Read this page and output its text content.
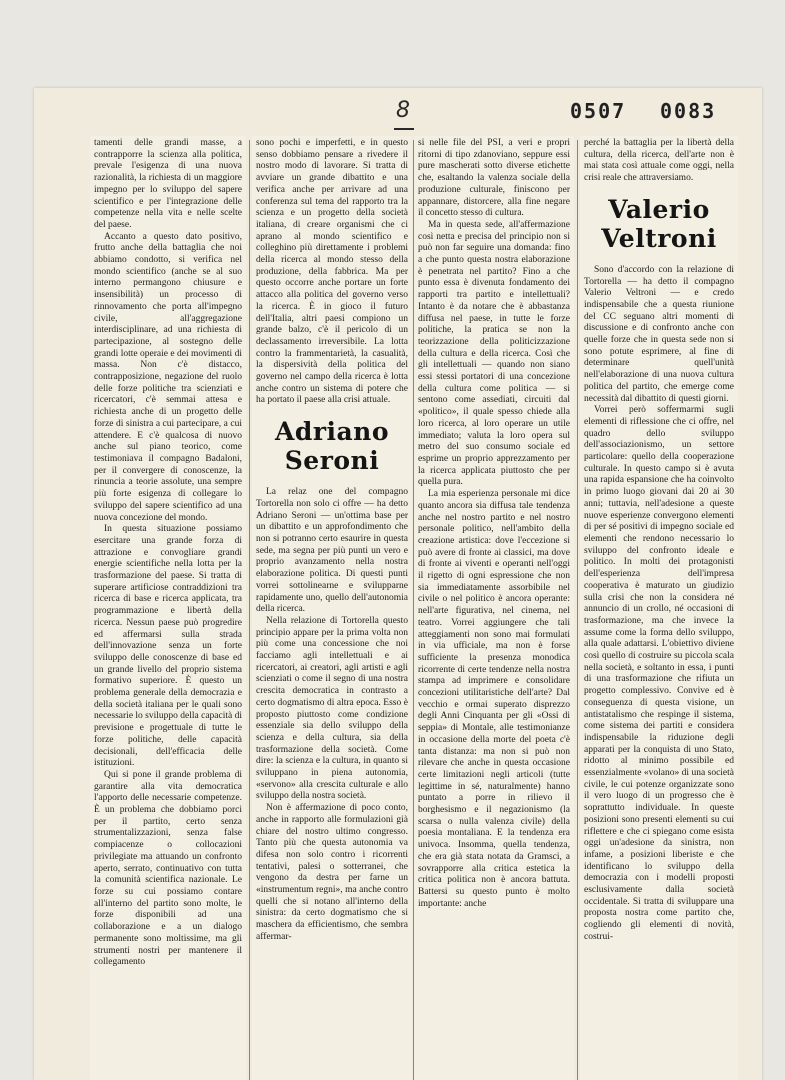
8	0507 0083

tamenti delle grandi masse, a contrapporre la scienza alla politica, prevale l'esigenza di una nuova razionalità, la richiesta di un maggiore impegno per lo sviluppo del sapere scientifico e per l'integrazione delle competenze nella vita e nelle scelte del paese.

Accanto a questo dato positivo, frutto anche della battaglia che noi abbiamo condotto, si verifica nel mondo scientifico (anche se al suo interno permangono chiusure e insensibilità) un processo di rinnovamento che porta all'impegno civile, all'aggregazione interdisciplinare, ad una richiesta di partecipazione, al sostegno delle grandi lotte operaie e dei movimenti di massa. Non c'è distacco, contrapposizione, negazione del ruolo delle forze politiche tra scienziati e ricercatori, c'è semmai attesa e richiesta anche di un progetto delle forze di sinistra a cui partecipare, a cui attendere. E c'è qualcosa di nuovo anche sul piano teorico, come testimoniava il compagno Badaloni, per il convergere di conoscenze, la rinuncia a teorie assolute, una sempre più forte esigenza di collegare lo sviluppo del sapere scientifico ad una nuova concezione del mondo.

In questa situazione possiamo esercitare una grande forza di attrazione e convogliare grandi energie scientifiche nella lotta per la trasformazione del paese. Si tratta di superare artificiose contraddizioni tra ricerca di base e ricerca applicata, tra programmazione e libertà della ricerca. Nessun paese può progredire ed affermarsi sulla strada dell'innovazione senza un forte sviluppo delle conoscenze di base ed un grande livello del proprio sistema formativo superiore. È questo un problema generale della democrazia e della società italiana per le quali sono necessarie lo sviluppo della capacità di previsione e progettuale di tutte le forze politiche, delle capacità decisionali, dell'efficacia delle istituzioni.

Qui si pone il grande problema di garantire alla vita democratica l'apporto delle necessarie competenze. È un problema che dobbiamo porci per il partito, certo senza strumentalizzazioni, senza false compiacenze o collocazioni privilegiate ma attuando un confronto aperto, serrato, continuativo con tutta la comunità scientifica nazionale. Le forze su cui possiamo contare all'interno del partito sono molte, le forze disponibili ad una collaborazione e a un dialogo permanente sono moltissime, ma gli strumenti nostri per mantenere il collegamento

sono pochi e imperfetti, e in questo senso dobbiamo pensare a rivedere il nostro modo di lavorare. Si tratta di avviare un grande dibattito e una verifica anche per arrivare ad una conferenza sul tema del rapporto tra la scienza e un progetto della società italiana, di creare organismi che ci aprano al mondo scientifico e colleghino più direttamente i problemi della ricerca al mondo stesso della produzione, della fabbrica. Ma per questo occorre anche portare un forte attacco alla politica del governo verso la ricerca. È in gioco il futuro dell'Italia, altri paesi compiono un grande balzo, c'è il pericolo di un declassamento irreversibile. La lotta contro la frammentarietà, la casualità, la dispersività della politica del governo nel campo della ricerca è lotta anche contro un sistema di potere che ha portato il paese alla crisi attuale.

Adriano Seroni

La relaz one del compagno Tortorella non solo ci offre — ha detto Adriano Seroni — un'ottima base per un dibattito e un approfondimento che non si potranno certo esaurire in questa sede, ma segna per più punti un vero e proprio avanzamento nella nostra elaborazione politica. Di questi punti vorrei sottolinearne e svilupparne rapidamente uno, quello dell'autonomia della ricerca.

Nella relazione di Tortorella questo principio appare per la prima volta non più come una concessione che noi facciamo agli intellettuali e ai ricercatori, ai creatori, agli artisti e agli scienziati o come il segno di una nostra crescita democratica in contrasto a certo dogmatismo di altra epoca. Esso è proposto piuttosto come condizione essenziale sia dello sviluppo della scienza e della cultura, sia della trasformazione della società. Come dire: la scienza e la cultura, in quanto si sviluppano in piena autonomia, «servono» alla crescita culturale e allo sviluppo della nostra società.

Non è affermazione di poco conto, anche in rapporto alle formulazioni già chiare del nostro ultimo congresso. Tanto più che questa autonomia va difesa non solo contro i ricorrenti tentativi, palesi o sotterranei, che vengono da destra per farne un «instrumentum regni», ma anche contro quelli che si notano all'interno della sinistra: da certo dogmatismo che si maschera da efficientismo, che sembra affermar-

si nelle file del PSI, a veri e propri ritorni di tipo zdanoviano, seppure essi pure mascherati sotto diverse etichette che, esaltando la valenza sociale della produzione culturale, finiscono per appannare, distorcere, alla fine negare il concetto stesso di cultura.

Ma in questa sede, all'affermazione così netta e precisa del principio non si può non far seguire una domanda: fino a che punto questa nostra elaborazione è penetrata nel partito? Fino a che punto essa è divenuta fondamento dei rapporti tra partito e intellettuali? Intanto è da notare che è abbastanza diffusa nel paese, in tutte le forze politiche, la pratica se non la teorizzazione della politicizzazione della cultura e della ricerca. Così che gli intellettuali — quando non siano essi stessi portatori di una concezione della cultura come politica — si sentono come assediati, circuiti dal «politico», il quale spesso chiede alla loro ricerca, al loro operare un utile immediato; valuta la loro opera sul metro del suo consumo sociale ed esprime un proprio apprezzamento per la ricerca applicata piuttosto che per quella pura.

La mia esperienza personale mi dice quanto ancora sia diffusa tale tendenza anche nel nostro partito e nel nostro personale politico, nell'ambito della creazione artistica: dove l'eccezione si può avere di fronte ai classici, ma dove di fronte ai viventi e operanti nell'oggi il rigetto di ogni espressione che non sia immediatamente assorbibile nel civile o nel politico è ancora operante: nell'arte figurativa, nel cinema, nel teatro. Vorrei aggiungere che tali atteggiamenti non sono mai formulati in via ufficiale, ma non è forse sufficiente la presenza monodica ricorrente di certe tendenze nella nostra stampa ad imprimere e consolidare concezioni utilitaristiche dell'arte? Dal vecchio e ormai superato disprezzo degli Anni Cinquanta per gli «Ossi di seppia» di Montale, alle testimonianze in occasione della morte del poeta c'è tanta distanza: ma non si può non rilevare che anche in questa occasione certe limitazioni negli articoli (tutte legittime in sé, naturalmente) hanno puntato a porre in rilievo il borghesismo e il negazionismo (la scarsa o nulla valenza civile) della poesia montaliana. E la tendenza era univoca. Insomma, quella tendenza, che era già stata notata da Gramsci, a sovrapporre alla critica estetica la critica politica non è ancora battuta. Battersi su questo punto è molto importante: anche

perché la battaglia per la libertà della cultura, della ricerca, dell'arte non è mai stata così attuale come oggi, nella crisi reale che attraversiamo.

Valerio Veltroni

Sono d'accordo con la relazione di Tortorella — ha detto il compagno Valerio Veltroni — e credo indispensabile che a questa riunione del CC seguano altri momenti di discussione e di confronto anche con quelle forze che in questa sede non si sono potute esprimere, al fine di determinare quell'unità nell'elaborazione di una nuova cultura politica del partito, che emerge come necessità dal dibattito di questi giorni.

Vorrei però soffermarmi sugli elementi di riflessione che ci offre, nel quadro dello sviluppo dell'associazionismo, un settore particolare: quello della cooperazione culturale. In questo campo si è avuta una rapida espansione che ha coinvolto in primo luogo giovani dai 20 ai 30 anni; tuttavia, nell'adesione a queste nuove esperienze convergono elementi di per sé positivi di impegno sociale ed elementi che rendono necessario lo sviluppo del confronto ideale e politico. In molti dei protagonisti dell'esperienza dell'impresa cooperativa è maturato un giudizio sulla crisi che non la considera né annuncio di un crollo, né occasioni di trasformazione, ma che invece la assume come la forma dello sviluppo, alla quale adattarsi. L'obiettivo diviene così quello di costruire su piccola scala nella società, e soltanto in essa, i punti di una trasformazione che rifiuta un progetto complessivo. Convive ed è conseguenza di questa visione, un antistatalismo che respinge il sistema, come sistema dei partiti e considera indispensabile la riduzione degli apparati per la conquista di uno Stato, ridotto al minimo possibile ed essenzialmente «volano» di una società civile, le cui potenze organizzate sono il vero luogo di un progresso che è soprattutto individuale. In queste posizioni sono presenti elementi su cui riflettere e che ci spiegano come esista oggi un'adesione da sinistra, non infame, a posizioni liberiste e che identificano lo sviluppo della democrazia con i modelli proposti esclusivamente dalla società occidentale. Si tratta di sviluppare una proposta nostra come partito che, cogliendo gli elementi di novità, costrui-
